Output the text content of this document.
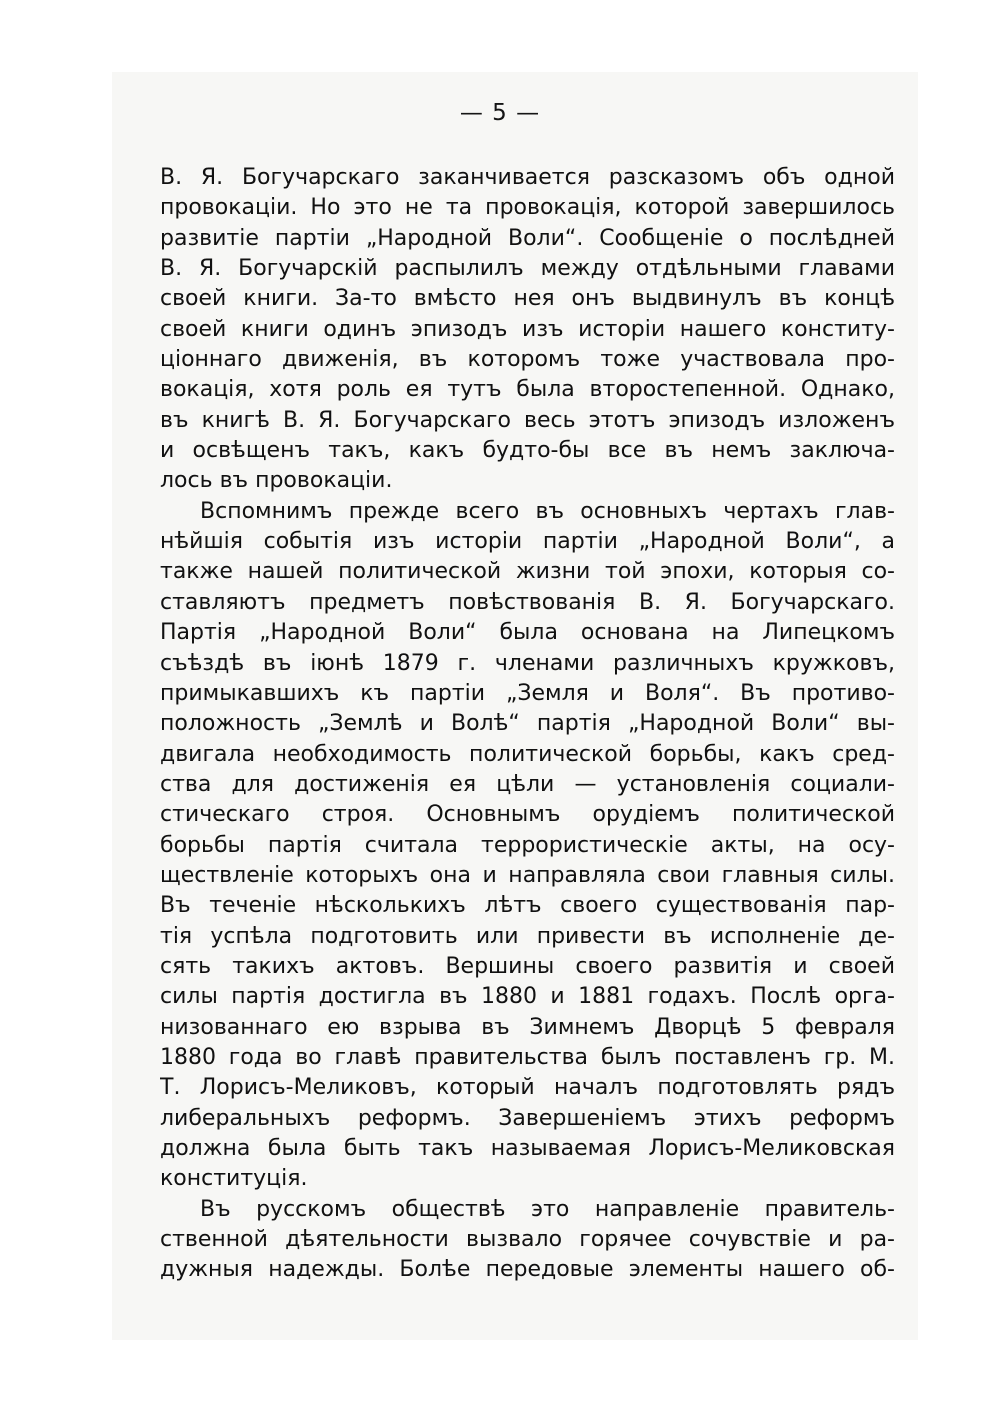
— 5 —
В. Я. Богучарскаго заканчивается разсказомъ объ одной
провокаціи. Но это не та провокація, которой завершилось
развитіе партіи „Народной Воли“. Сообщеніе о послѣдней
В. Я. Богучарскій распылилъ между отдѣльными главами
своей книги. За-то вмѣсто нея онъ выдвинулъ въ концѣ
своей книги одинъ эпизодъ изъ исторіи нашего конститу-
ціоннаго движенія, въ которомъ тоже участвовала про-
вокація, хотя роль ея тутъ была второстепенной. Однако,
въ книгѣ В. Я. Богучарскаго весь этотъ эпизодъ изложенъ
и освѣщенъ такъ, какъ будто-бы все въ немъ заключа-
лось въ провокаціи.
Вспомнимъ прежде всего въ основныхъ чертахъ глав-
нѣйшія событія изъ исторіи партіи „Народной Воли“, а
также нашей политической жизни той эпохи, которыя со-
ставляютъ предметъ повѣствованія В. Я. Богучарскаго.
Партія „Народной Воли“ была основана на Липецкомъ
съѣздѣ въ іюнѣ 1879 г. членами различныхъ кружковъ,
примыкавшихъ къ партіи „Земля и Воля“. Въ противо-
положность „Землѣ и Волѣ“ партія „Народной Воли“ вы-
двигала необходимость политической борьбы, какъ сред-
ства для достиженія ея цѣли — установленія социали-
стическаго строя. Основнымъ орудіемъ политической
борьбы партія считала террористическіе акты, на осу-
ществленіе которыхъ она и направляла свои главныя силы.
Въ теченіе нѣсколькихъ лѣтъ своего существованія пар-
тія успѣла подготовить или привести въ исполненіе де-
сять такихъ актовъ. Вершины своего развитія и своей
силы партія достигла въ 1880 и 1881 годахъ. Послѣ орга-
низованнаго ею взрыва въ Зимнемъ Дворцѣ 5 февраля
1880 года во главѣ правительства былъ поставленъ гр. М.
Т. Лорисъ-Меликовъ, который началъ подготовлять рядъ
либеральныхъ реформъ. Завершеніемъ этихъ реформъ
должна была быть такъ называемая Лорисъ-Меликовская
конституція.
Въ русскомъ обществѣ это направленіе правитель-
ственной дѣятельности вызвало горячее сочувствіе и ра-
дужныя надежды. Болѣе передовые элементы нашего об-
